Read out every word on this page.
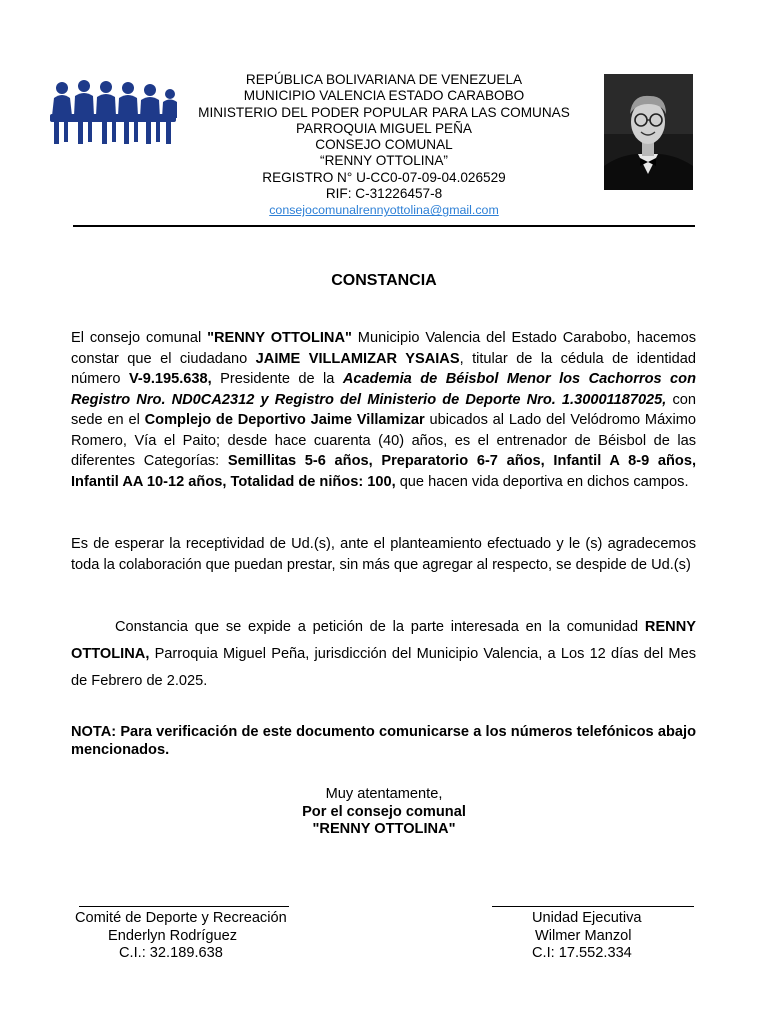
REPÚBLICA BOLIVARIANA DE VENEZUELA
MUNICIPIO VALENCIA ESTADO CARABOBO
MINISTERIO DEL PODER POPULAR PARA LAS COMUNAS
PARROQUIA MIGUEL PEÑA
CONSEJO COMUNAL
“RENNY OTTOLINA”
REGISTRO N° U-CC0-07-09-04.026529
RIF: C-31226457-8
consejocomunalrennyottolina@gmail.com
CONSTANCIA
El consejo comunal "RENNY OTTOLINA" Municipio Valencia del Estado Carabobo, hacemos constar que el ciudadano JAIME VILLAMIZAR YSAIAS, titular de la cédula de identidad número V-9.195.638, Presidente de la Academia de Béisbol Menor los Cachorros con Registro Nro. ND0CA2312 y Registro del Ministerio de Deporte Nro. 1.30001187025, con sede en el Complejo de Deportivo Jaime Villamizar ubicados al Lado del Velódromo Máximo Romero, Vía el Paito; desde hace cuarenta (40) años, es el entrenador de Béisbol de las diferentes Categorías: Semillitas 5-6 años, Preparatorio 6-7 años, Infantil A 8-9 años, Infantil AA 10-12 años, Totalidad de niños: 100, que hacen vida deportiva en dichos campos.
Es de esperar la receptividad de Ud.(s), ante el planteamiento efectuado y le (s) agradecemos toda la colaboración que puedan prestar, sin más que agregar al respecto, se despide de Ud.(s)
Constancia que se expide a petición de la parte interesada en la comunidad RENNY OTTOLINA, Parroquia Miguel Peña, jurisdicción del Municipio Valencia, a Los 12 días del Mes de Febrero de 2.025.
NOTA: Para verificación de este documento comunicarse a los números telefónicos abajo mencionados.
Muy atentamente,
Por el consejo comunal
"RENNY OTTOLINA"
Comité de Deporte y Recreación
Enderlyn Rodríguez
C.I.: 32.189.638
Unidad Ejecutiva
Wilmer Manzol
C.I: 17.552.334
